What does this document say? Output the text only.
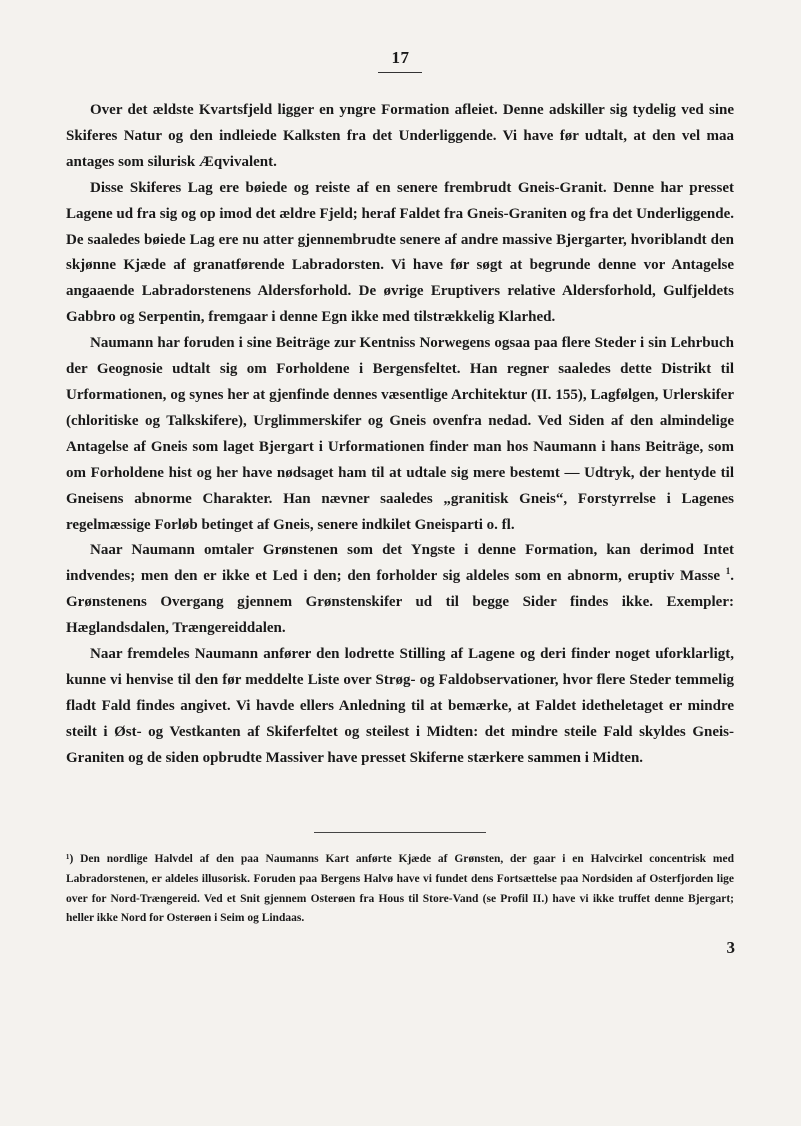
17

Over det ældste Kvartsfjeld ligger en yngre Formation afleiet. Denne adskiller sig tydelig ved sine Skiferes Natur og den indleiede Kalksten fra det Underliggende. Vi have før udtalt, at den vel maa antages som silurisk Æqvivalent.

Disse Skiferes Lag ere bøiede og reiste af en senere frembrudt Gneis-Granit. Denne har presset Lagene ud fra sig og op imod det ældre Fjeld; heraf Faldet fra Gneis-Graniten og fra det Underliggende. De saaledes bøiede Lag ere nu atter gjennembrudte senere af andre massive Bjergarter, hvoriblandt den skjønne Kjæde af granatførende Labradorsten. Vi have før søgt at begrunde denne vor Antagelse angaaende Labradorstenens Aldersforhold. De øvrige Eruptivers relative Aldersforhold, Gulfjeldets Gabbro og Serpentin, fremgaar i denne Egn ikke med tilstrækkelig Klarhed.

Naumann har foruden i sine Beiträge zur Kentniss Norwegens ogsaa paa flere Steder i sin Lehrbuch der Geognosie udtalt sig om Forholdene i Bergensfeltet. Han regner saaledes dette Distrikt til Urformationen, og synes her at gjenfinde dennes væsentlige Architektur (II. 155), Lagfølgen, Urlerskifer (chloritiske og Talkskifere), Urglimmerskifer og Gneis ovenfra nedad. Ved Siden af den almindelige Antagelse af Gneis som laget Bjergart i Urformationen finder man hos Naumann i hans Beiträge, som om Forholdene hist og her have nødsaget ham til at udtale sig mere bestemt — Udtryk, der hentyde til Gneisens abnorme Charakter. Han nævner saaledes „granitisk Gneis“, Forstyrrelse i Lagenes regelmæssige Forløb betinget af Gneis, senere indkilet Gneisparti o. fl.

Naar Naumann omtaler Grønstenen som det Yngste i denne Formation, kan derimod Intet indvendes; men den er ikke et Led i den; den forholder sig aldeles som en abnorm, eruptiv Masse $^1$. Grønstenens Overgang gjennem Grønstenskifer ud til begge Sider findes ikke. Exempler: Hæglandsdalen, Trængereiddalen.

Naar fremdeles Naumann anfører den lodrette Stilling af Lagene og deri finder noget uforklarligt, kunne vi henvise til den før meddelte Liste over Strøg- og Faldobservationer, hvor flere Steder temmelig fladt Fald findes angivet. Vi havde ellers Anledning til at bemærke, at Faldet idetheletaget er mindre steilt i Øst- og Vestkanten af Skiferfeltet og steilest i Midten: det mindre steile Fald skyldes Gneis-Graniten og de siden opbrudte Massiver have presset Skiferne stærkere sammen i Midten.

¹) Den nordlige Halvdel af den paa Naumanns Kart anførte Kjæde af Grønsten, der gaar i en Halvcirkel concentrisk med Labradorstenen, er aldeles illusorisk. Foruden paa Bergens Halvø have vi fundet dens Fortsættelse paa Nordsiden af Osterfjorden lige over for Nord-Trængereid. Ved et Snit gjennem Osterøen fra Hous til Store-Vand (se Profil II.) have vi ikke truffet denne Bjergart; heller ikke Nord for Osterøen i Seim og Lindaas.

3
